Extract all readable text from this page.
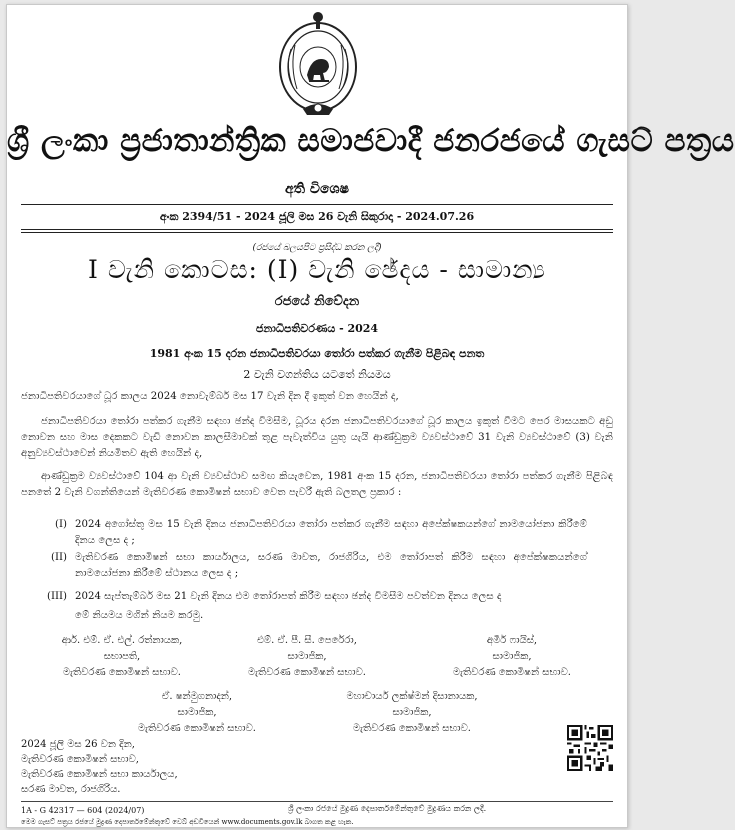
ශ්‍රී ලංකා ප්‍රජාතාන්ත්‍රික සමාජවාදී ජනරජයේ ගැසට් පත්‍රය
අති විශෙෂ
අංක 2394/51 - 2024 ජූලි මස 26 වැනි සිකුරාදා - 2024.07.26
(රජයේ බලයපිට ප්‍රසිද්ධ කරන ලදී)
I වැනි කොටස: (I) වැනි ඡේදය - සාමාන්‍ය
රජයේ නිවේදන
ජනාධිපතිවරණය - 2024
1981 අංක 15 දරන ජනාධිපතිවරයා තෝරා පත්කර ගැනීම පිළිබඳ පනත
2 වැනි වගන්තිය යටතේ නියමය
ජනාධිපතිවරයාගේ ධූර කාලය 2024 නොවැම්බර් මස 17 වැනි දින දී ඉකුත් වන හෙයින් ද,
ජනාධිපතිවරයා තෝරා පත්කර ගැනීම සඳහා ඡන්ද විමසීම, ධූරය දරන ජනාධිපතිවරයාගේ ධූර කාලය ඉකුත් වීමට පෙර මාසයකට අඩු නොවන සහ මාස දෙකකට වැඩි නොවන කාලසීමාවක් තුළ පැවැත්විය යුතු යැයි ආණ්ඩුක්‍රම ව්‍යවස්ථාවේ 31 වැනි ව්‍යවස්ථාවේ (3) වැනි අනුව්‍යවස්ථාවෙන් නියමිතව ඇති හෙයින් ද,
ආණ්ඩුක්‍රම ව්‍යවස්ථාවේ 104 ආ වැනි ව්‍යවස්ථාව සමඟ කියැවෙන, 1981 අංක 15 දරන, ජනාධිපතිවරයා තෝරා පත්කර ගැනීම පිළිබඳ පනතේ 2 වැනි වගන්තියෙන් මැතිවරණ කොමිෂන් සභාව වෙත පැවරී ඇති බලතල ප්‍රකාර :
(I) 2024 අගෝස්තු මස 15 වැනි දිනය ජනාධිපතිවරයා තෝරා පත්කර ගැනීම සඳහා අපේක්ෂකයන්ගේ නාමයෝජනා කිරීමේ දිනය ලෙස ද ;
(II) මැතිවරණ කොමිෂන් සභා කාර්යාලය, සරණ මාවත, රාජගිරිය, එම තෝරාපත් කිරීම සඳහා අපේක්ෂකයන්ගේ නාමයෝජනා කිරීමේ ස්ථානය ලෙස ද ;
(III) 2024 සැප්තැම්බර් මස 21 වැනි දිනය එම තෝරාපත් කිරීම සඳහා ඡන්ද විමසීම පවත්වන දිනය ලෙස ද
මේ නියමය මගින් නියම කරමු.
ආර්. එම්. ඒ. එල්. රත්නායක,
සභාපති,
මැතිවරණ කොමිෂන් සභාව.
එම්. ඒ. පී. සී. පෙරේරා,
සාමාජික,
මැතිවරණ කොමිෂන් සභාව.
අමීර් ෆායිස්,
සාමාජික,
මැතිවරණ කොමිෂන් සභාව.
ඒ. ෂන්මුගනාදන්,
සාමාජික,
මැතිවරණ කොමිෂන් සභාව.
මහාචාර්ය ලක්ෂ්මන් දිසානායක,
සාමාජික,
මැතිවරණ කොමිෂන් සභාව.
2024 ජූලි මස 26 වන දින,
මැතිවරණ කොමිෂන් සභාව,
මැතිවරණ කොමිෂන් සභා කාර්යාලය,
සරණ මාවත, රාජගිරිය.
1A - G 42317 — 604 (2024/07)	ශ්‍රී ලංකා රජයේ මුද්‍රණ දෙපාර්තමේන්තුවේ මුද්‍රණය කරන ලදී.
මෙම ගැසට් පත්‍රය රජයේ මුද්‍රණ දෙපාර්තමේන්තුවේ වෙබ් අඩවියෙන් www.documents.gov.lk බාගත කළ හැක.
